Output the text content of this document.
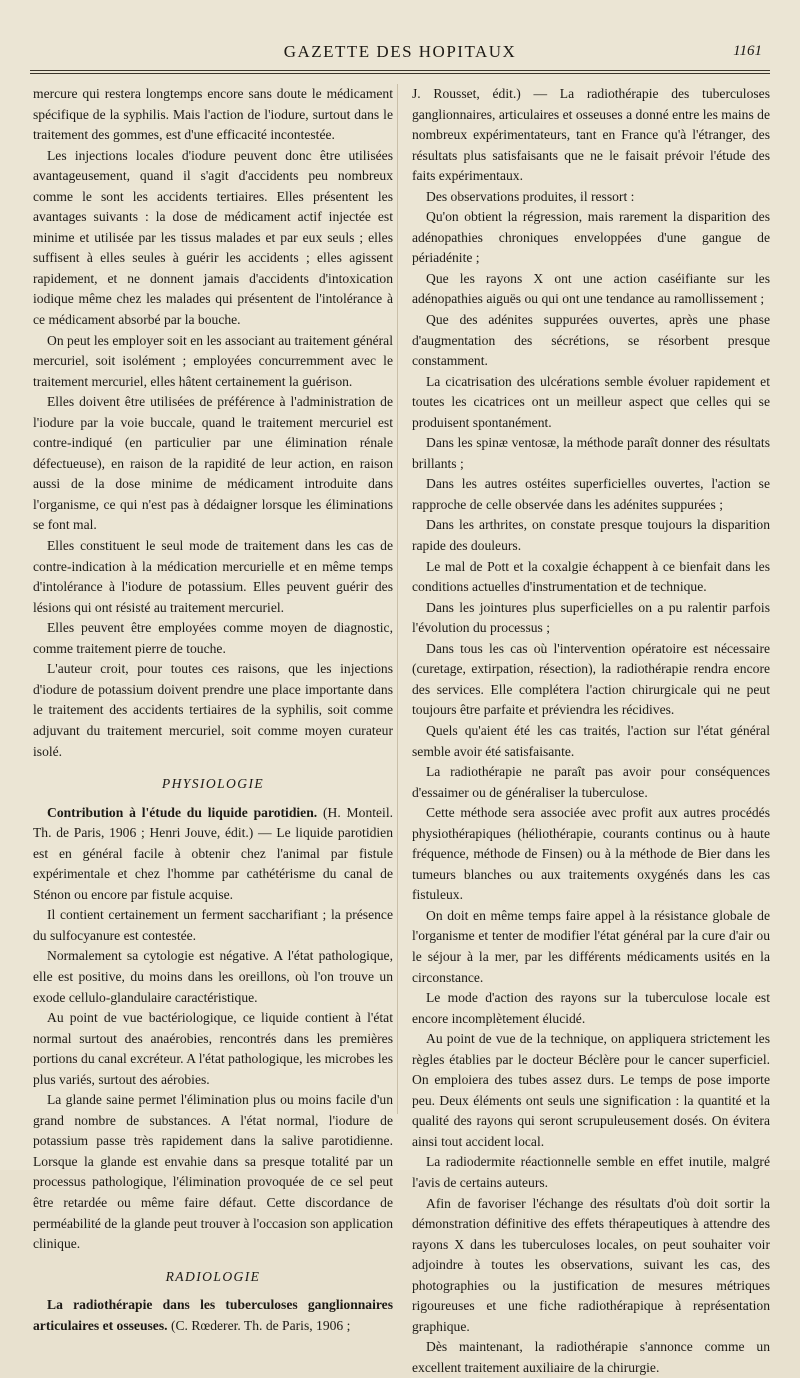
GAZETTE DES HOPITAUX	1161

mercure qui restera longtemps encore sans doute le médicament spécifique de la syphilis. Mais l'action de l'iodure, surtout dans le traitement des gommes, est d'une efficacité incontestée.

Les injections locales d'iodure peuvent donc être utilisées avantageusement, quand il s'agit d'accidents peu nombreux comme le sont les accidents tertiaires. Elles présentent les avantages suivants : la dose de médicament actif injectée est minime et utilisée par les tissus malades et par eux seuls ; elles suffisent à elles seules à guérir les accidents ; elles agissent rapidement, et ne donnent jamais d'accidents d'intoxication iodique même chez les malades qui présentent de l'intolérance à ce médicament absorbé par la bouche.

On peut les employer soit en les associant au traitement général mercuriel, soit isolément ; employées concurremment avec le traitement mercuriel, elles hâtent certainement la guérison.

Elles doivent être utilisées de préférence à l'administration de l'iodure par la voie buccale, quand le traitement mercuriel est contre-indiqué (en particulier par une élimination rénale défectueuse), en raison de la rapidité de leur action, en raison aussi de la dose minime de médicament introduite dans l'organisme, ce qui n'est pas à dédaigner lorsque les éliminations se font mal.

Elles constituent le seul mode de traitement dans les cas de contre-indication à la médication mercurielle et en même temps d'intolérance à l'iodure de potassium. Elles peuvent guérir des lésions qui ont résisté au traitement mercuriel.

Elles peuvent être employées comme moyen de diagnostic, comme traitement pierre de touche.

L'auteur croit, pour toutes ces raisons, que les injections d'iodure de potassium doivent prendre une place importante dans le traitement des accidents tertiaires de la syphilis, soit comme adjuvant du traitement mercuriel, soit comme moyen curateur isolé.

PHYSIOLOGIE

Contribution à l'étude du liquide parotidien. (H. Monteil. Th. de Paris, 1906 ; Henri Jouve, édit.) — Le liquide parotidien est en général facile à obtenir chez l'animal par fistule expérimentale et chez l'homme par cathétérisme du canal de Sténon ou encore par fistule acquise.

Il contient certainement un ferment saccharifiant ; la présence du sulfocyanure est contestée.

Normalement sa cytologie est négative. A l'état pathologique, elle est positive, du moins dans les oreillons, où l'on trouve un exode cellulo-glandulaire caractéristique.

Au point de vue bactériologique, ce liquide contient à l'état normal surtout des anaérobies, rencontrés dans les premières portions du canal excréteur. A l'état pathologique, les microbes les plus variés, surtout des aérobies.

La glande saine permet l'élimination plus ou moins facile d'un grand nombre de substances. A l'état normal, l'iodure de potassium passe très rapidement dans la salive parotidienne. Lorsque la glande est envahie dans sa presque totalité par un processus pathologique, l'élimination provoquée de ce sel peut être retardée ou même faire défaut. Cette discordance de perméabilité de la glande peut trouver à l'occasion son application clinique.

RADIOLOGIE

La radiothérapie dans les tuberculoses ganglionnaires articulaires et osseuses. (C. Rœderer. Th. de Paris, 1906 ;

J. Rousset, édit.) — La radiothérapie des tuberculoses ganglionnaires, articulaires et osseuses a donné entre les mains de nombreux expérimentateurs, tant en France qu'à l'étranger, des résultats plus satisfaisants que ne le faisait prévoir l'étude des faits expérimentaux.

Des observations produites, il ressort :

Qu'on obtient la régression, mais rarement la disparition des adénopathies chroniques enveloppées d'une gangue de périadénite ;

Que les rayons X ont une action caséifiante sur les adénopathies aiguës ou qui ont une tendance au ramollissement ;

Que des adénites suppurées ouvertes, après une phase d'augmentation des sécrétions, se résorbent presque constamment.

La cicatrisation des ulcérations semble évoluer rapidement et toutes les cicatrices ont un meilleur aspect que celles qui se produisent spontanément.

Dans les spinæ ventosæ, la méthode paraît donner des résultats brillants ;

Dans les autres ostéites superficielles ouvertes, l'action se rapproche de celle observée dans les adénites suppurées ;

Dans les arthrites, on constate presque toujours la disparition rapide des douleurs.

Le mal de Pott et la coxalgie échappent à ce bienfait dans les conditions actuelles d'instrumentation et de technique.

Dans les jointures plus superficielles on a pu ralentir parfois l'évolution du processus ;

Dans tous les cas où l'intervention opératoire est nécessaire (curetage, extirpation, résection), la radiothérapie rendra encore des services. Elle complétera l'action chirurgicale qui ne peut toujours être parfaite et préviendra les récidives.

Quels qu'aient été les cas traités, l'action sur l'état général semble avoir été satisfaisante.

La radiothérapie ne paraît pas avoir pour conséquences d'essaimer ou de généraliser la tuberculose.

Cette méthode sera associée avec profit aux autres procédés physiothérapiques (héliothérapie, courants continus ou à haute fréquence, méthode de Finsen) ou à la méthode de Bier dans les tumeurs blanches ou aux traitements oxygénés dans les cas fistuleux.

On doit en même temps faire appel à la résistance globale de l'organisme et tenter de modifier l'état général par la cure d'air ou le séjour à la mer, par les différents médicaments usités en la circonstance.

Le mode d'action des rayons sur la tuberculose locale est encore incomplètement élucidé.

Au point de vue de la technique, on appliquera strictement les règles établies par le docteur Béclère pour le cancer superficiel. On emploiera des tubes assez durs. Le temps de pose importe peu. Deux éléments ont seuls une signification : la quantité et la qualité des rayons qui seront scrupuleusement dosés. On évitera ainsi tout accident local.

La radiodermite réactionnelle semble en effet inutile, malgré l'avis de certains auteurs.

Afin de favoriser l'échange des résultats d'où doit sortir la démonstration définitive des effets thérapeutiques à attendre des rayons X dans les tuberculoses locales, on peut souhaiter voir adjoindre à toutes les observations, suivant les cas, des photographies ou la justification de mesures métriques rigoureuses et une fiche radiothérapique à représentation graphique.

Dès maintenant, la radiothérapie s'annonce comme un excellent traitement auxiliaire de la chirurgie.
